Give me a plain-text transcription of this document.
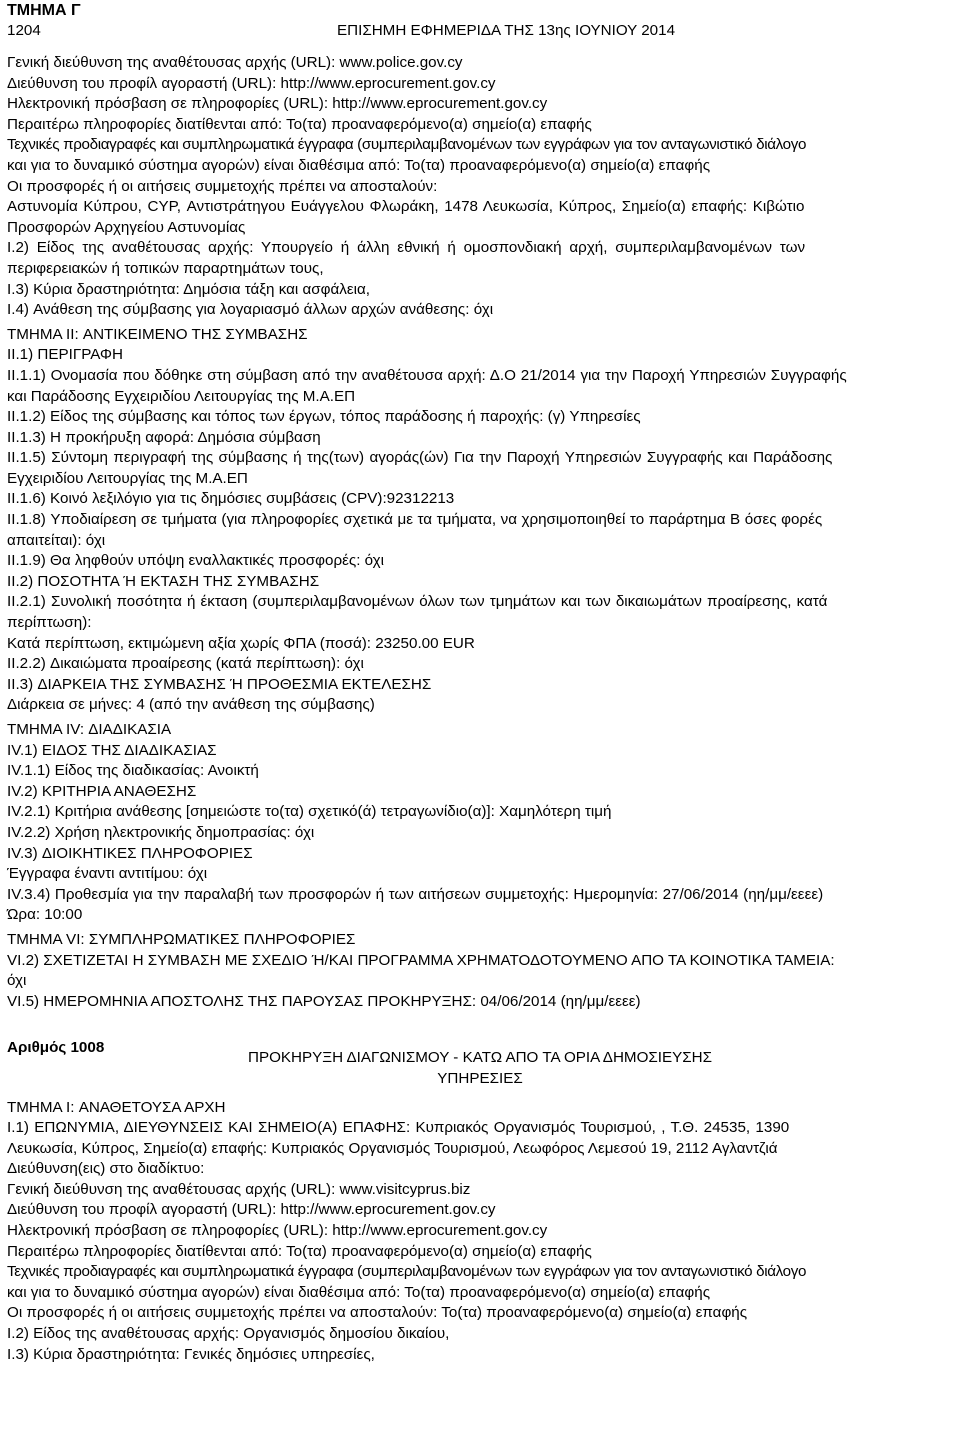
ΤΜΗΜΑ Γ
1204	ΕΠΙΣΗΜΗ ΕΦΗΜΕΡΙΔΑ ΤΗΣ 13ης ΙΟΥΝΙΟΥ 2014
Γενική διεύθυνση της αναθέτουσας αρχής (URL): www.police.gov.cy
Διεύθυνση του προφίλ αγοραστή (URL): http://www.eprocurement.gov.cy
Ηλεκτρονική πρόσβαση σε πληροφορίες (URL): http://www.eprocurement.gov.cy
Περαιτέρω πληροφορίες διατίθενται από: Το(τα) προαναφερόμενο(α) σημείο(α) επαφής
Τεχνικές προδιαγραφές και συμπληρωματικά έγγραφα (συμπεριλαμβανομένων των εγγράφων για τον ανταγωνιστικό διάλογο
και για το δυναμικό σύστημα αγορών) είναι διαθέσιμα από: Το(τα) προαναφερόμενο(α) σημείο(α) επαφής
Οι προσφορές ή οι αιτήσεις συμμετοχής πρέπει να αποσταλούν:
Αστυνομία Κύπρου, CYP, Αντιστράτηγου Ευάγγελου Φλωράκη, 1478 Λευκωσία, Κύπρος, Σημείο(α) επαφής: Κιβώτιο
Προσφορών Αρχηγείου Αστυνομίας
I.2) Είδος της αναθέτουσας αρχής: Υπουργείο ή άλλη εθνική ή ομοσπονδιακή αρχή, συμπεριλαμβανομένων των
περιφερειακών ή τοπικών παραρτημάτων τους,
I.3) Κύρια δραστηριότητα: Δημόσια τάξη και ασφάλεια,
I.4) Ανάθεση της σύμβασης για λογαριασμό άλλων αρχών ανάθεσης: όχι
ΤΜΗΜΑ II: ΑΝΤΙΚΕΙΜΕΝΟ ΤΗΣ ΣΥΜΒΑΣΗΣ
II.1) ΠΕΡΙΓΡΑΦΗ
II.1.1) Ονομασία που δόθηκε στη σύμβαση από την αναθέτουσα αρχή: Δ.Ο 21/2014 για την Παροχή Υπηρεσιών Συγγραφής
και Παράδοσης Εγχειριδίου Λειτουργίας της Μ.Α.ΕΠ
II.1.2) Είδος της σύμβασης και τόπος των έργων, τόπος παράδοσης ή παροχής: (γ) Υπηρεσίες
II.1.3) Η προκήρυξη αφορά: Δημόσια σύμβαση
II.1.5) Σύντομη περιγραφή της σύμβασης ή της(των) αγοράς(ών) Για την Παροχή Υπηρεσιών Συγγραφής και Παράδοσης
Εγχειριδίου Λειτουργίας της Μ.Α.ΕΠ
II.1.6) Κοινό λεξιλόγιο για τις δημόσιες συμβάσεις (CPV):92312213
II.1.8) Υποδιαίρεση σε τμήματα (για πληροφορίες σχετικά με τα τμήματα, να χρησιμοποιηθεί το παράρτημα Β όσες φορές
απαιτείται): όχι
II.1.9) Θα ληφθούν υπόψη εναλλακτικές προσφορές: όχι
II.2) ΠΟΣΟΤΗΤΑ Ή ΕΚΤΑΣΗ ΤΗΣ ΣΥΜΒΑΣΗΣ
II.2.1) Συνολική ποσότητα ή έκταση (συμπεριλαμβανομένων όλων των τμημάτων και των δικαιωμάτων προαίρεσης, κατά
περίπτωση):
Κατά περίπτωση, εκτιμώμενη αξία χωρίς ΦΠΑ (ποσά): 23250.00 EUR
II.2.2) Δικαιώματα προαίρεσης (κατά περίπτωση): όχι
II.3) ΔΙΑΡΚΕΙΑ ΤΗΣ ΣΥΜΒΑΣΗΣ Ή ΠΡΟΘΕΣΜΙΑ ΕΚΤΕΛΕΣΗΣ
Διάρκεια σε μήνες: 4 (από την ανάθεση της σύμβασης)
ΤΜΗΜΑ IV: ΔΙΑΔΙΚΑΣΙΑ
IV.1) ΕΙΔΟΣ ΤΗΣ ΔΙΑΔΙΚΑΣΙΑΣ
IV.1.1) Είδος της διαδικασίας: Ανοικτή
IV.2) ΚΡΙΤΗΡΙΑ ΑΝΑΘΕΣΗΣ
IV.2.1) Κριτήρια ανάθεσης [σημειώστε το(τα) σχετικό(ά) τετραγωνίδιο(α)]: Χαμηλότερη τιμή
IV.2.2) Χρήση ηλεκτρονικής δημοπρασίας: όχι
IV.3) ΔΙΟΙΚΗΤΙΚΕΣ ΠΛΗΡΟΦΟΡΙΕΣ
Έγγραφα έναντι αντιτίμου: όχι
IV.3.4) Προθεσμία για την παραλαβή των προσφορών ή των αιτήσεων συμμετοχής: Ημερομηνία: 27/06/2014 (ηη/μμ/εεεε)
Ώρα: 10:00
ΤΜΗΜΑ VI: ΣΥΜΠΛΗΡΩΜΑΤΙΚΕΣ ΠΛΗΡΟΦΟΡΙΕΣ
VI.2) ΣΧΕΤΙΖΕΤΑΙ Η ΣΥΜΒΑΣΗ ΜΕ ΣΧΕΔΙΟ Ή/ΚΑΙ ΠΡΟΓΡΑΜΜΑ ΧΡΗΜΑΤΟΔΟΤΟΥΜΕΝΟ ΑΠΟ ΤΑ ΚΟΙΝΟΤΙΚΑ ΤΑΜΕΙΑ:
όχι
VI.5) ΗΜΕΡΟΜΗΝΙΑ ΑΠΟΣΤΟΛΗΣ ΤΗΣ ΠΑΡΟΥΣΑΣ ΠΡΟΚΗΡΥΞΗΣ: 04/06/2014 (ηη/μμ/εεεε)
Αριθμός 1008
ΠΡΟΚΗΡΥΞΗ ΔΙΑΓΩΝΙΣΜΟΥ - ΚΑΤΩ ΑΠΟ ΤΑ ΟΡΙΑ ΔΗΜΟΣΙΕΥΣΗΣ
ΥΠΗΡΕΣΙΕΣ
ΤΜΗΜΑ I: ΑΝΑΘΕΤΟΥΣΑ ΑΡΧΗ
I.1) ΕΠΩΝΥΜΙΑ, ΔΙΕΥΘΥΝΣΕΙΣ ΚΑΙ ΣΗΜΕΙΟ(Α) ΕΠΑΦΗΣ: Κυπριακός Οργανισμός Τουρισμού, , Τ.Θ. 24535, 1390
Λευκωσία, Κύπρος, Σημείο(α) επαφής: Κυπριακός Οργανισμός Τουρισμού, Λεωφόρος Λεμεσού 19, 2112 Αγλαντζιά
Διεύθυνση(εις) στο διαδίκτυο:
Γενική διεύθυνση της αναθέτουσας αρχής (URL): www.visitcyprus.biz
Διεύθυνση του προφίλ αγοραστή (URL): http://www.eprocurement.gov.cy
Ηλεκτρονική πρόσβαση σε πληροφορίες (URL): http://www.eprocurement.gov.cy
Περαιτέρω πληροφορίες διατίθενται από: Το(τα) προαναφερόμενο(α) σημείο(α) επαφής
Τεχνικές προδιαγραφές και συμπληρωματικά έγγραφα (συμπεριλαμβανομένων των εγγράφων για τον ανταγωνιστικό διάλογο
και για το δυναμικό σύστημα αγορών) είναι διαθέσιμα από: Το(τα) προαναφερόμενο(α) σημείο(α) επαφής
Οι προσφορές ή οι αιτήσεις συμμετοχής πρέπει να αποσταλούν: Το(τα) προαναφερόμενο(α) σημείο(α) επαφής
I.2) Είδος της αναθέτουσας αρχής: Οργανισμός δημοσίου δικαίου,
I.3) Κύρια δραστηριότητα: Γενικές δημόσιες υπηρεσίες,
